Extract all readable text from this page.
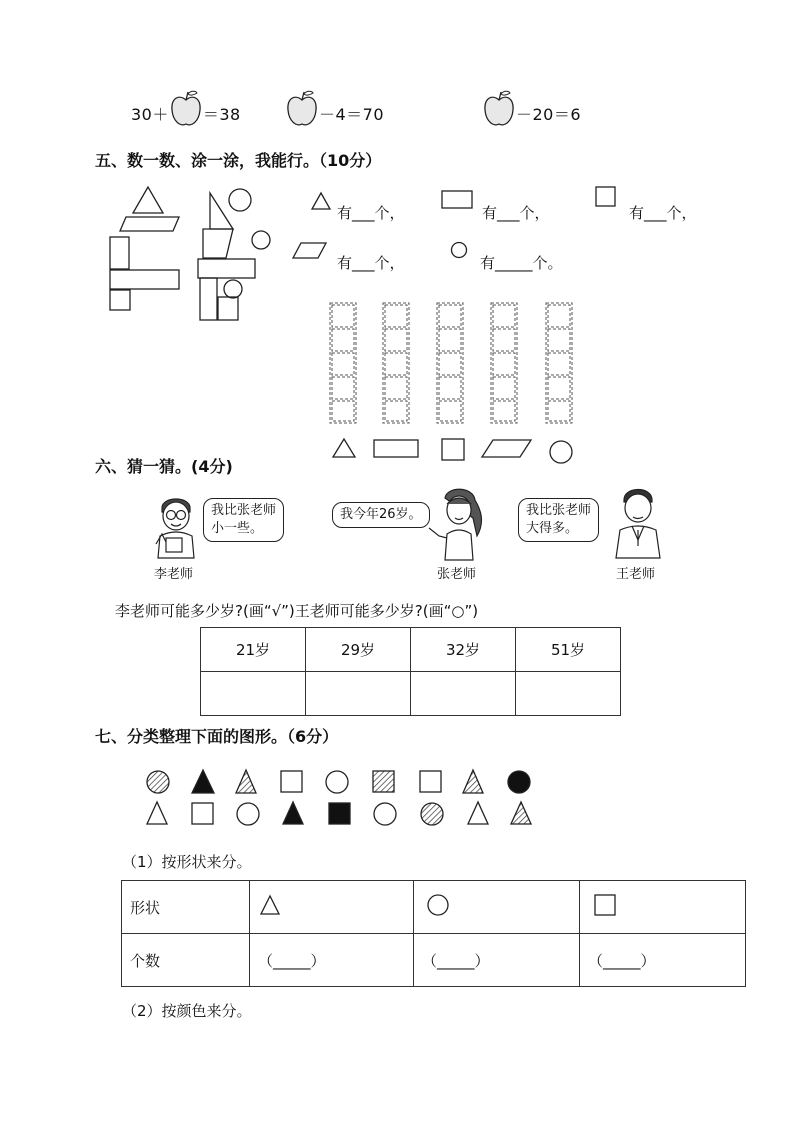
30＋ ＝38	－4＝70	－20＝6
五、数一数、涂一涂，我能行。（10分）
有___个，	有___个，	有___个，
有___个，	有_____个。
六、猜一猜。(4分)
我比张老师
小一些。
李老师
我今年26岁。
张老师
我比张老师
大得多。
王老师
李老师可能多少岁?(画“√”)王老师可能多少岁?(画“○”)
21岁	29岁	32岁	51岁

七、分类整理下面的图形。（6分）
（1）按形状来分。
形状			
个数	（_____）	（_____）	（_____）
（2）按颜色来分。
